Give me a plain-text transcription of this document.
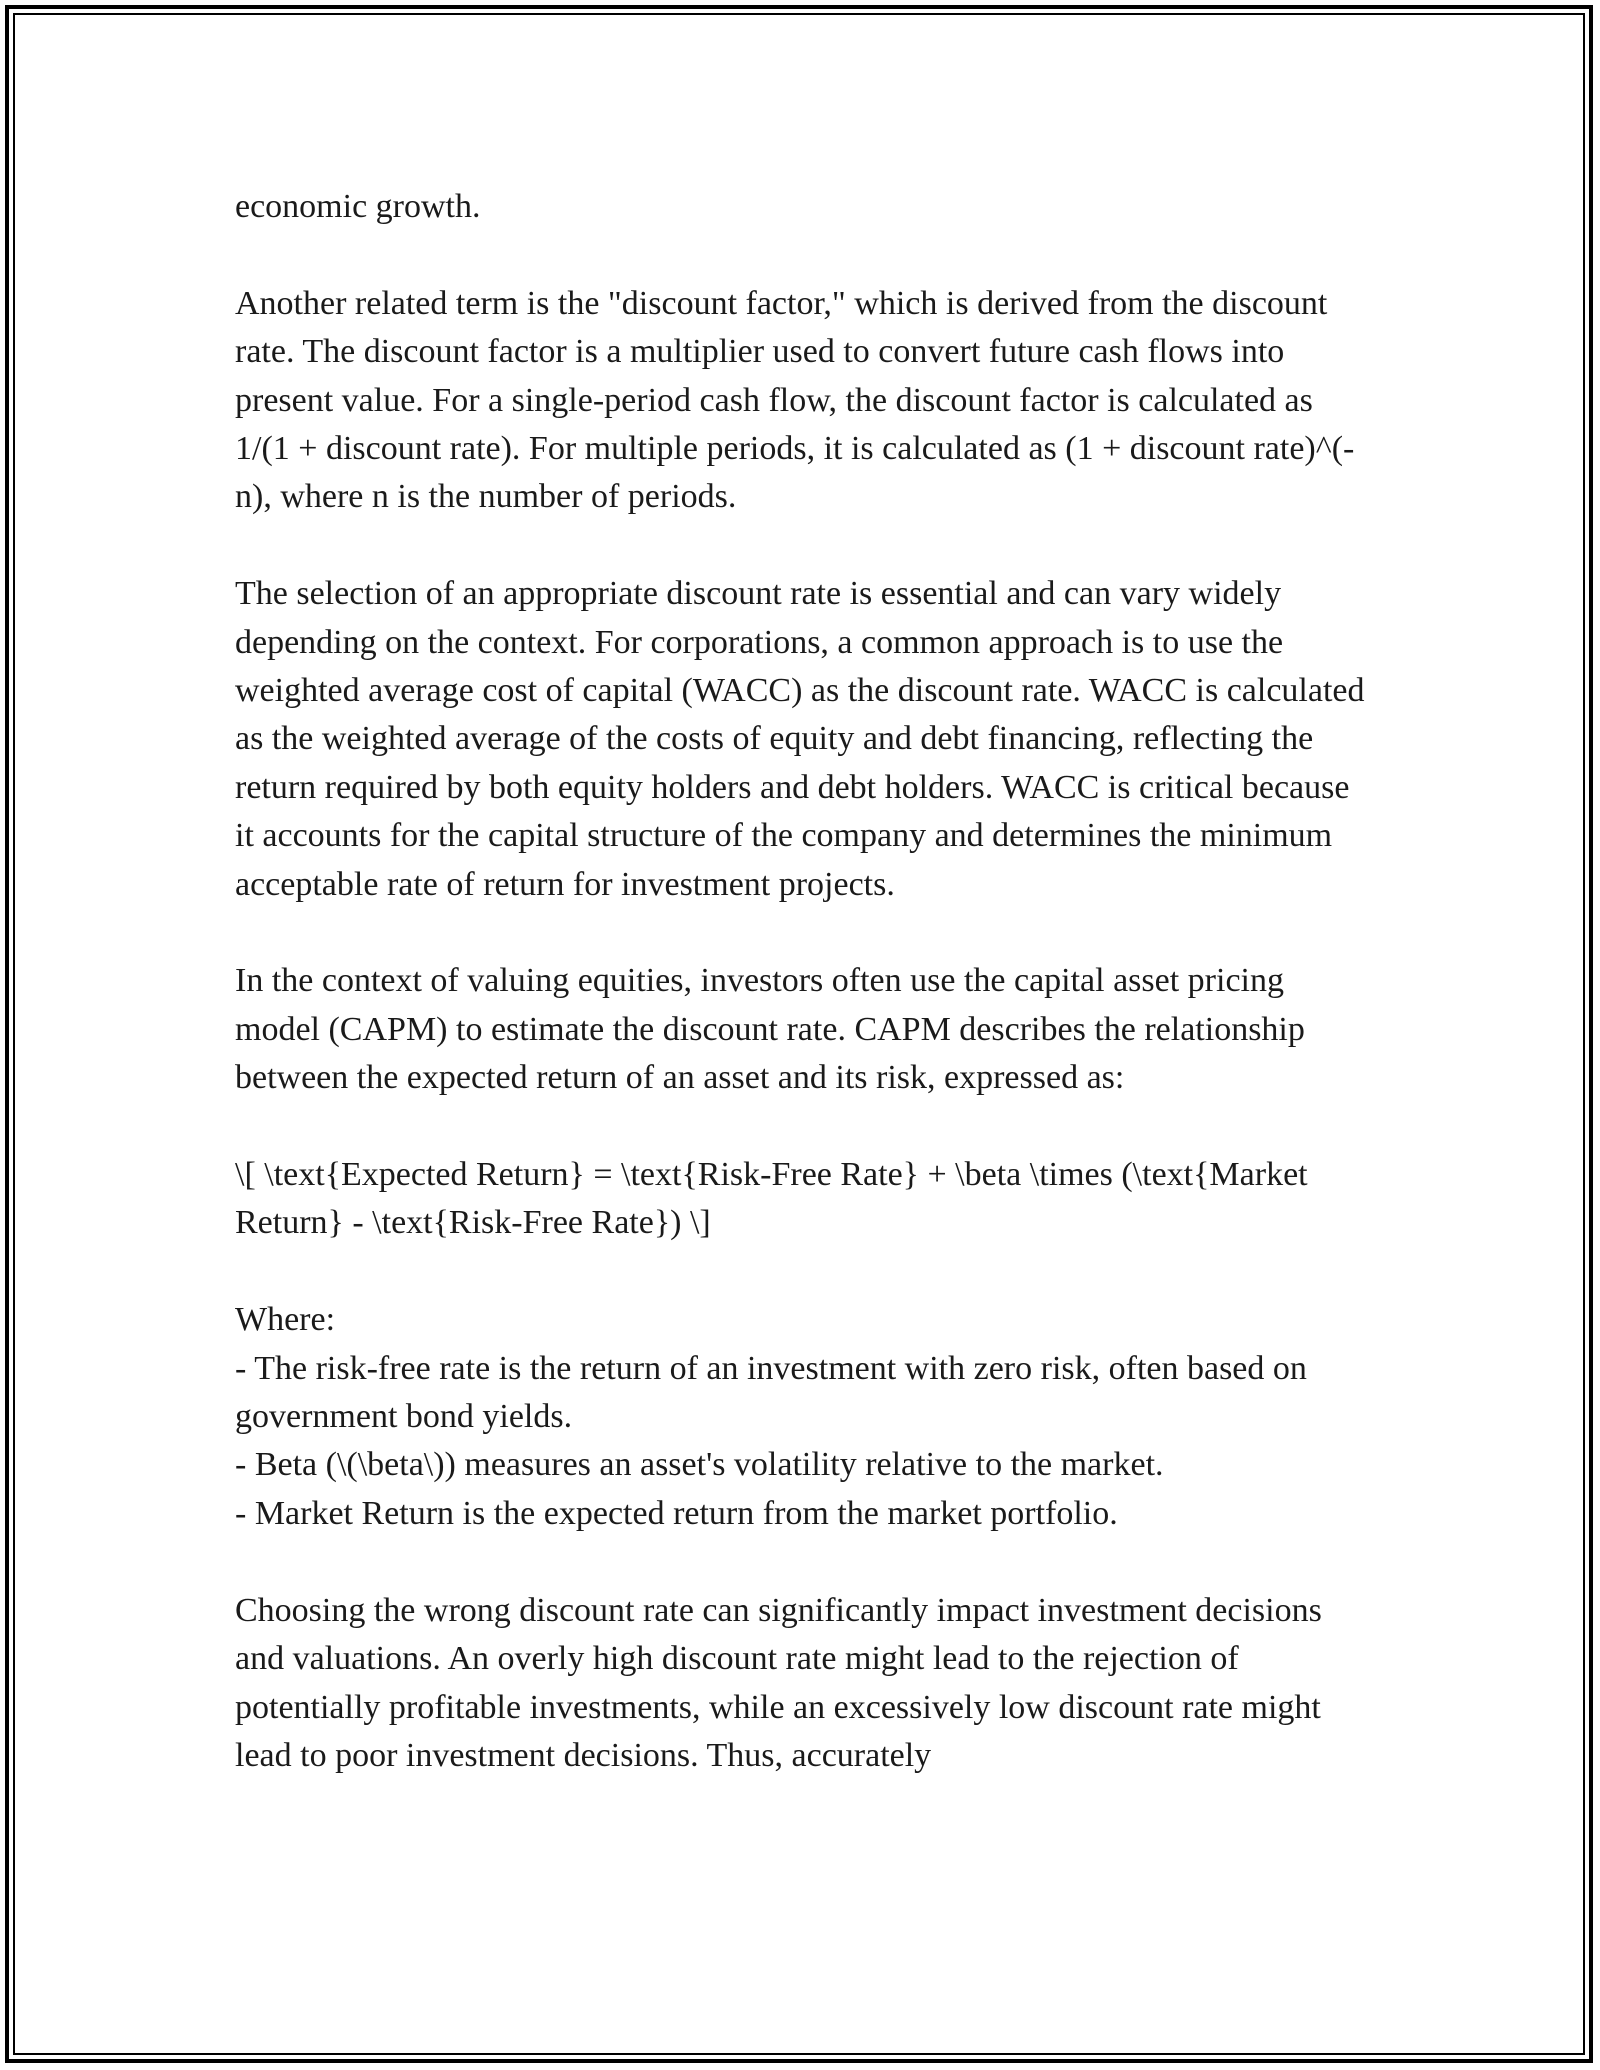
economic growth.

Another related term is the "discount factor," which is derived from the discount rate. The discount factor is a multiplier used to convert future cash flows into present value. For a single-period cash flow, the discount factor is calculated as 1/(1 + discount rate). For multiple periods, it is calculated as (1 + discount rate)^(-n), where n is the number of periods.

The selection of an appropriate discount rate is essential and can vary widely depending on the context. For corporations, a common approach is to use the weighted average cost of capital (WACC) as the discount rate. WACC is calculated as the weighted average of the costs of equity and debt financing, reflecting the return required by both equity holders and debt holders. WACC is critical because it accounts for the capital structure of the company and determines the minimum acceptable rate of return for investment projects.

In the context of valuing equities, investors often use the capital asset pricing model (CAPM) to estimate the discount rate. CAPM describes the relationship between the expected return of an asset and its risk, expressed as:

\[ \text{Expected Return} = \text{Risk-Free Rate} + \beta \times (\text{Market Return} - \text{Risk-Free Rate}) \]

Where:
- The risk-free rate is the return of an investment with zero risk, often based on government bond yields.
- Beta (\(\beta\)) measures an asset's volatility relative to the market.
- Market Return is the expected return from the market portfolio.

Choosing the wrong discount rate can significantly impact investment decisions and valuations. An overly high discount rate might lead to the rejection of potentially profitable investments, while an excessively low discount rate might lead to poor investment decisions. Thus, accurately
